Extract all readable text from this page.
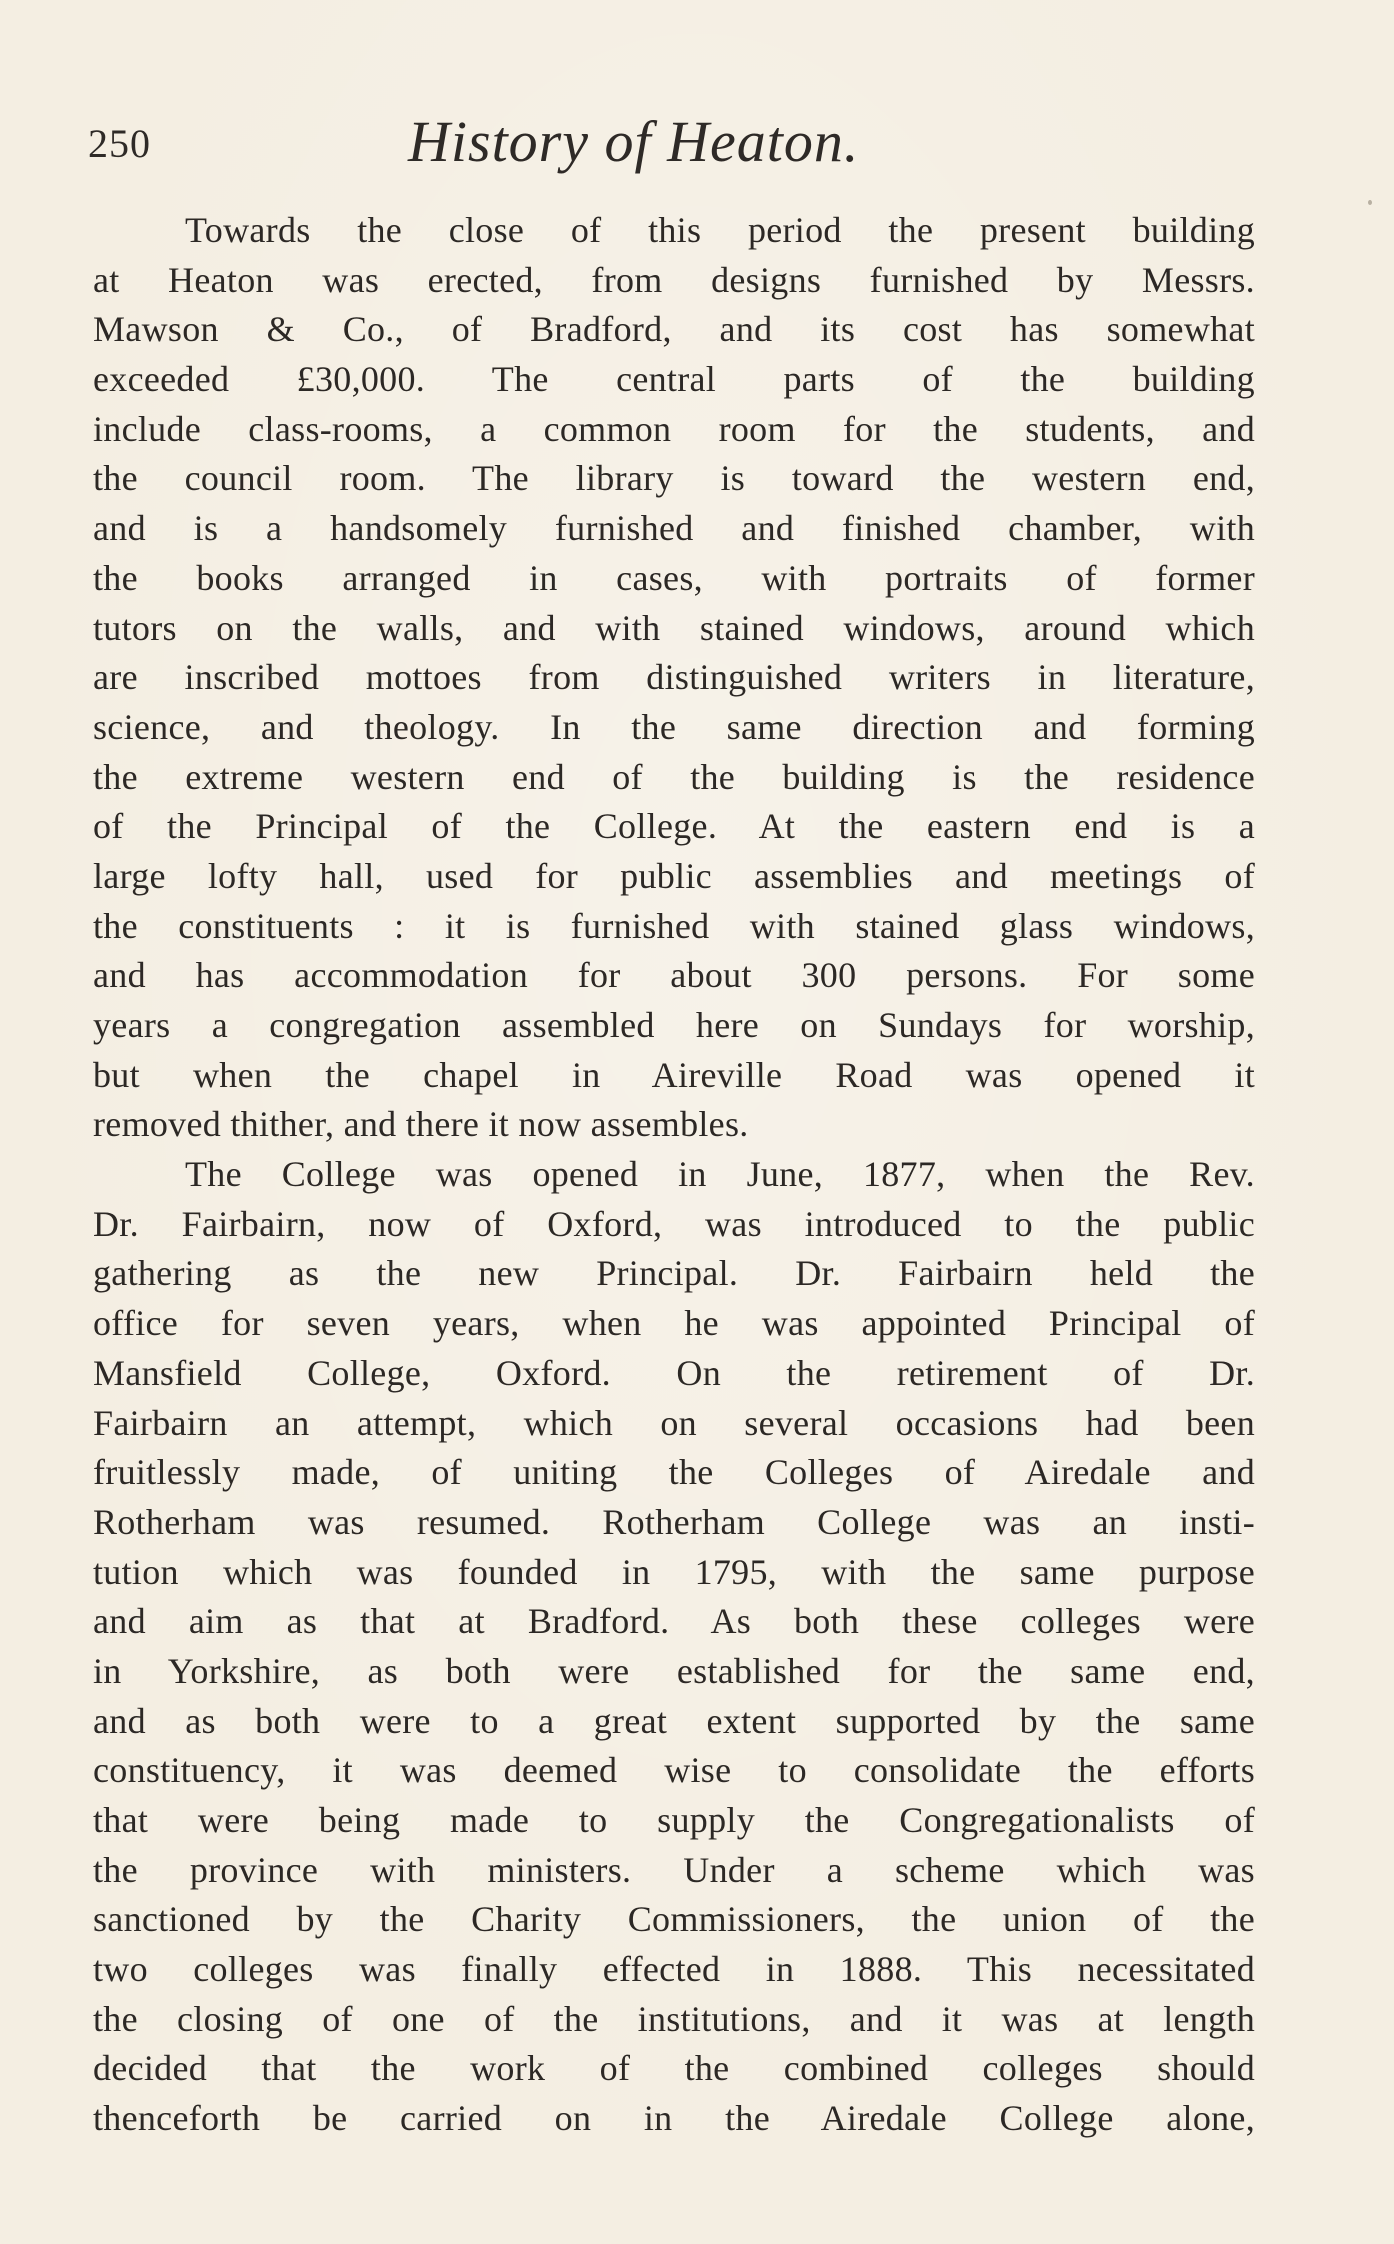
250	History of Heaton.
Towards the close of this period the present building
at Heaton was erected, from designs furnished by Messrs.
Mawson & Co., of Bradford, and its cost has somewhat
exceeded £30,000. The central parts of the building
include class-rooms, a common room for the students, and
the council room. The library is toward the western end,
and is a handsomely furnished and finished chamber, with
the books arranged in cases, with portraits of former
tutors on the walls, and with stained windows, around which
are inscribed mottoes from distinguished writers in literature,
science, and theology. In the same direction and forming
the extreme western end of the building is the residence
of the Principal of the College. At the eastern end is a
large lofty hall, used for public assemblies and meetings of
the constituents : it is furnished with stained glass windows,
and has accommodation for about 300 persons. For some
years a congregation assembled here on Sundays for worship,
but when the chapel in Aireville Road was opened it
removed thither, and there it now assembles.
The College was opened in June, 1877, when the Rev.
Dr. Fairbairn, now of Oxford, was introduced to the public
gathering as the new Principal. Dr. Fairbairn held the
office for seven years, when he was appointed Principal of
Mansfield College, Oxford. On the retirement of Dr.
Fairbairn an attempt, which on several occasions had been
fruitlessly made, of uniting the Colleges of Airedale and
Rotherham was resumed. Rotherham College was an insti-
tution which was founded in 1795, with the same purpose
and aim as that at Bradford. As both these colleges were
in Yorkshire, as both were established for the same end,
and as both were to a great extent supported by the same
constituency, it was deemed wise to consolidate the efforts
that were being made to supply the Congregationalists of
the province with ministers. Under a scheme which was
sanctioned by the Charity Commissioners, the union of the
two colleges was finally effected in 1888. This necessitated
the closing of one of the institutions, and it was at length
decided that the work of the combined colleges should
thenceforth be carried on in the Airedale College alone,
